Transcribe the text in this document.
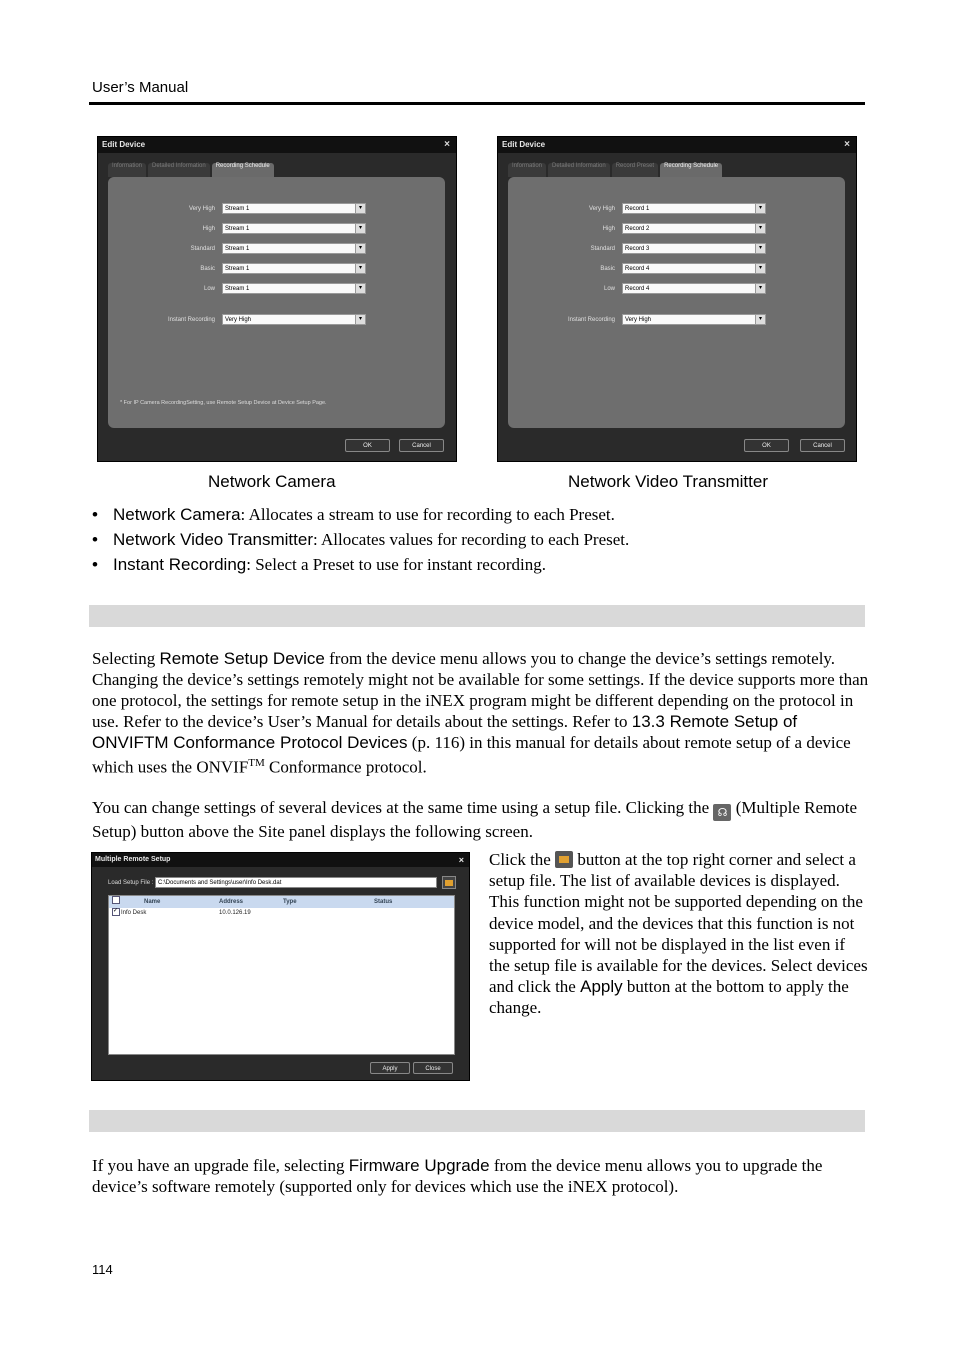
User’s Manual
Edit Device	×
Information	Detailed Information	Recording Schedule
Very High	Stream 1	▾
High	Stream 1	▾
Standard	Stream 1	▾
Basic	Stream 1	▾
Low	Stream 1	▾
Instant Recording	Very High	▾
* For IP Camera RecordingSetting, use Remote Setup Device at Device Setup Page.
OK	Cancel
Edit Device	×
Information	Detailed Information	Record Preset	Recording Schedule
Very High	Record 1	▾
High	Record 2	▾
Standard	Record 3	▾
Basic	Record 4	▾
Low	Record 4	▾
Instant Recording	Very High	▾
OK	Cancel
Network Camera	Network Video Transmitter
• Network Camera: Allocates a stream to use for recording to each Preset.
• Network Video Transmitter: Allocates values for recording to each Preset.
• Instant Recording: Select a Preset to use for instant recording.
Selecting Remote Setup Device from the device menu allows you to change the device’s settings remotely. Changing the device’s settings remotely might not be available for some settings. If the device supports more than one protocol, the settings for remote setup in the iNEX program might be different depending on the protocol in use. Refer to the device’s User’s Manual for details about the settings. Refer to 13.3 Remote Setup of ONVIFTM Conformance Protocol Devices (p. 116) in this manual for details about remote setup of a device which uses the ONVIF™ Conformance protocol.
You can change settings of several devices at the same time using a setup file. Clicking the ☊ (Multiple Remote Setup) button above the Site panel displays the following screen.
Multiple Remote Setup	×
Load Setup File : C:\Documents and Settings\user\Info Desk.dat
Name	Address	Type	Status
✓
Info Desk	10.0.126.19
Apply	Close
Click the
button at the top right corner and select a setup file. The list of available devices is displayed. This function might not be supported depending on the device model, and the devices that this function is not supported for will not be displayed in the list even if the setup file is available for the devices. Select devices and click the Apply button at the bottom to apply the change.
If you have an upgrade file, selecting Firmware Upgrade from the device menu allows you to upgrade the device’s software remotely (supported only for devices which use the iNEX protocol).
114
